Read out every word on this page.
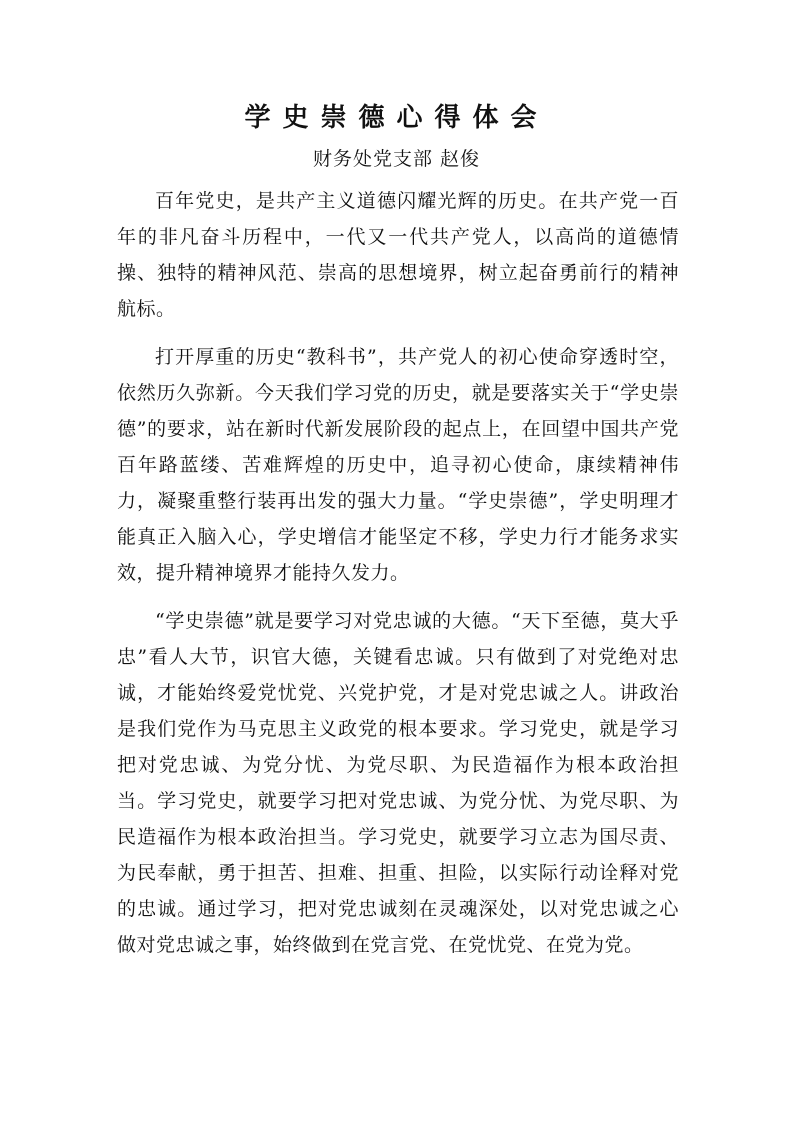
学史崇德心得体会
财务处党支部 赵俊

百年党史，是共产主义道德闪耀光辉的历史。在共产党一百年的非凡奋斗历程中，一代又一代共产党人，以高尚的道德情操、独特的精神风范、崇高的思想境界，树立起奋勇前行的精神航标。

打开厚重的历史“教科书”，共产党人的初心使命穿透时空，依然历久弥新。今天我们学习党的历史，就是要落实关于“学史崇德”的要求，站在新时代新发展阶段的起点上，在回望中国共产党百年路蓝缕、苦难辉煌的历史中，追寻初心使命，康续精神伟力，凝聚重整行装再出发的强大力量。“学史崇德”，学史明理才能真正入脑入心，学史增信才能坚定不移，学史力行才能务求实效，提升精神境界才能持久发力。

“学史崇德”就是要学习对党忠诚的大德。“天下至德，莫大乎忠”看人大节，识官大德，关键看忠诚。只有做到了对党绝对忠诚，才能始终爱党忧党、兴党护党，才是对党忠诚之人。讲政治是我们党作为马克思主义政党的根本要求。学习党史，就是学习把对党忠诚、为党分忧、为党尽职、为民造福作为根本政治担当。学习党史，就要学习把对党忠诚、为党分忧、为党尽职、为民造福作为根本政治担当。学习党史，就要学习立志为国尽责、为民奉献，勇于担苦、担难、担重、担险，以实际行动诠释对党的忠诚。通过学习，把对党忠诚刻在灵魂深处，以对党忠诚之心做对党忠诚之事，始终做到在党言党、在党忧党、在党为党。
